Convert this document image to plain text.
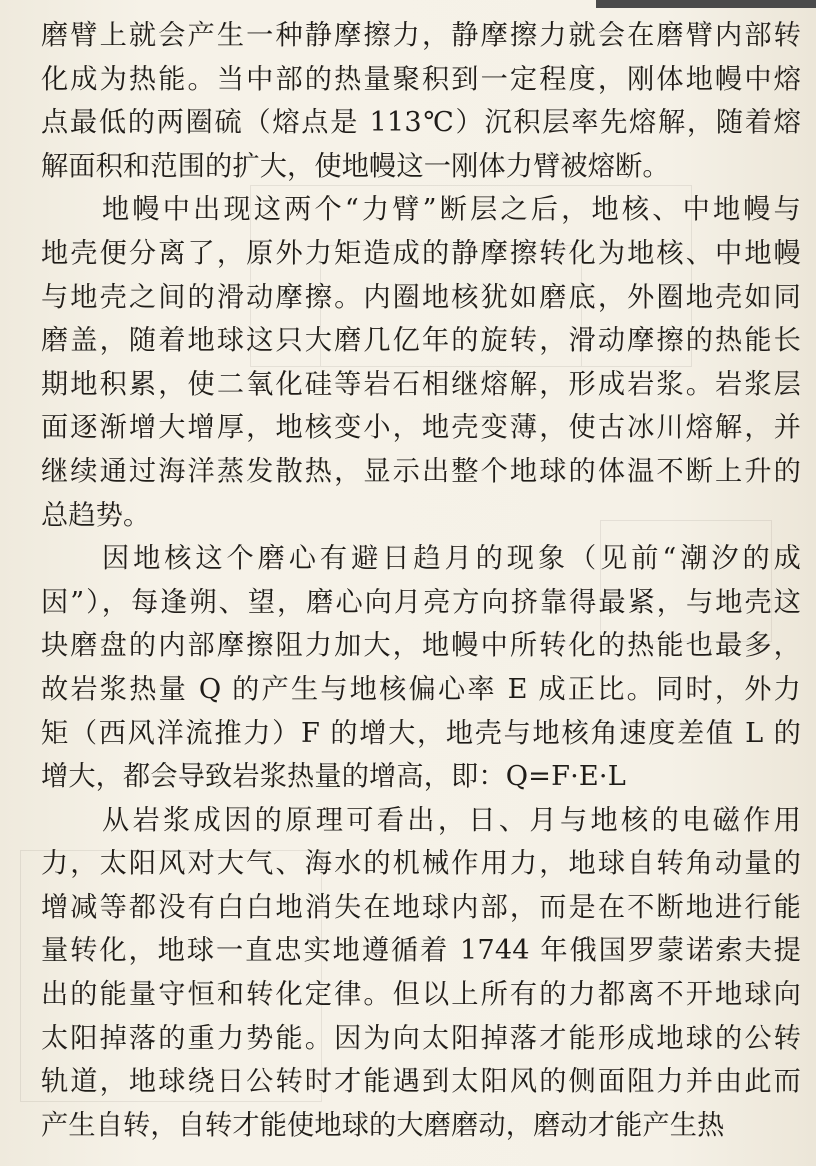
磨臂上就会产生一种静摩擦力，静摩擦力就会在磨臂内部转
化成为热能。当中部的热量聚积到一定程度，刚体地幔中熔
点最低的两圈硫（熔点是 113℃）沉积层率先熔解，随着熔
解面积和范围的扩大，使地幔这一刚体力臂被熔断。
地幔中出现这两个“力臂”断层之后，地核、中地幔与
地壳便分离了，原外力矩造成的静摩擦转化为地核、中地幔
与地壳之间的滑动摩擦。内圈地核犹如磨底，外圈地壳如同
磨盖，随着地球这只大磨几亿年的旋转，滑动摩擦的热能长
期地积累，使二氧化硅等岩石相继熔解，形成岩浆。岩浆层
面逐渐增大增厚，地核变小，地壳变薄，使古冰川熔解，并
继续通过海洋蒸发散热，显示出整个地球的体温不断上升的
总趋势。
因地核这个磨心有避日趋月的现象（见前“潮汐的成
因”），每逢朔、望，磨心向月亮方向挤靠得最紧，与地壳这
块磨盘的内部摩擦阻力加大，地幔中所转化的热能也最多，
故岩浆热量 Q 的产生与地核偏心率 E 成正比。同时，外力
矩（西风洋流推力）F 的增大，地壳与地核角速度差值 L 的
增大，都会导致岩浆热量的增高，即：Q=F·E·L
从岩浆成因的原理可看出，日、月与地核的电磁作用
力，太阳风对大气、海水的机械作用力，地球自转角动量的
增减等都没有白白地消失在地球内部，而是在不断地进行能
量转化，地球一直忠实地遵循着 1744 年俄国罗蒙诺索夫提
出的能量守恒和转化定律。但以上所有的力都离不开地球向
太阳掉落的重力势能。因为向太阳掉落才能形成地球的公转
轨道，地球绕日公转时才能遇到太阳风的侧面阻力并由此而
产生自转，自转才能使地球的大磨磨动，磨动才能产生热
